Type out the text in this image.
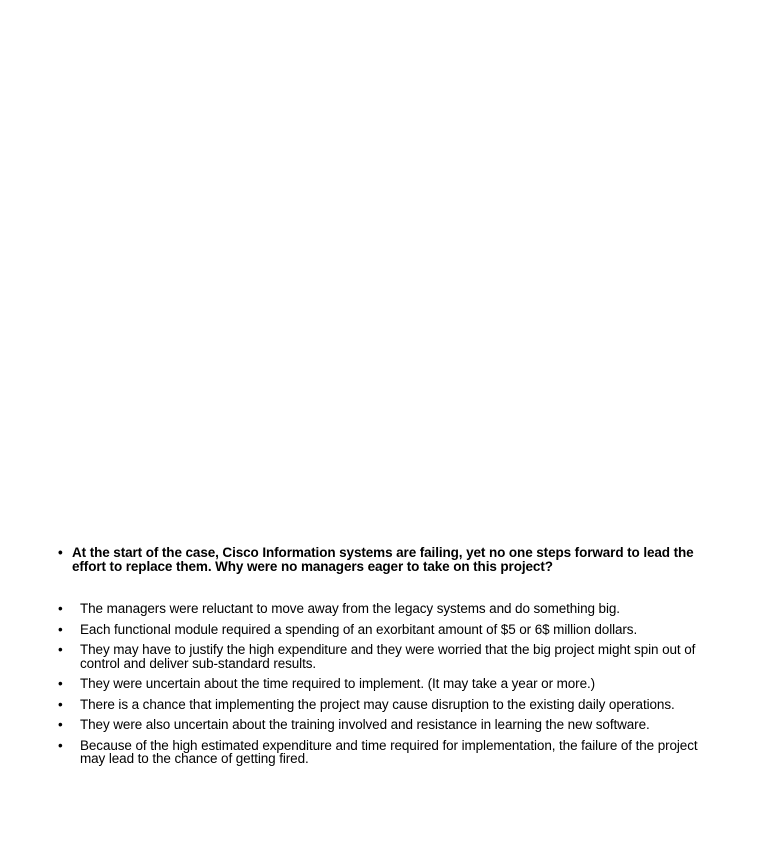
• At the start of the case, Cisco Information systems are failing, yet no one steps forward to lead the effort to replace them. Why were no managers eager to take on this project?
• The managers were reluctant to move away from the legacy systems and do something big.
• Each functional module required a spending of an exorbitant amount of $5 or 6$ million dollars.
• They may have to justify the high expenditure and they were worried that the big project might spin out of control and deliver sub-standard results.
• They were uncertain about the time required to implement. (It may take a year or more.)
• There is a chance that implementing the project may cause disruption to the existing daily operations.
• They were also uncertain about the training involved and resistance in learning the new software.
• Because of the high estimated expenditure and time required for implementation, the failure of the project may lead to the chance of getting fired.
